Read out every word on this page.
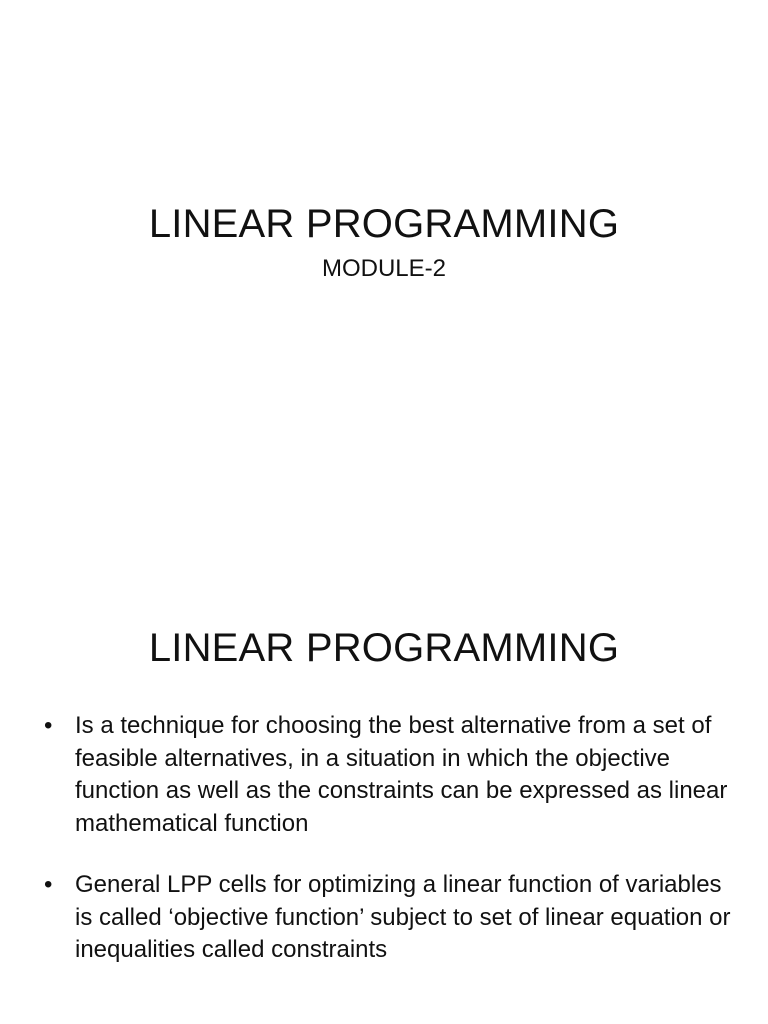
LINEAR PROGRAMMING
MODULE-2
LINEAR PROGRAMMING
• Is a technique for choosing the best alternative from a set of feasible alternatives, in a situation in which the objective function as well as the constraints can be expressed as linear mathematical function
• General LPP cells for optimizing a linear function of variables is called ‘objective function’ subject to set of linear equation or inequalities called constraints
